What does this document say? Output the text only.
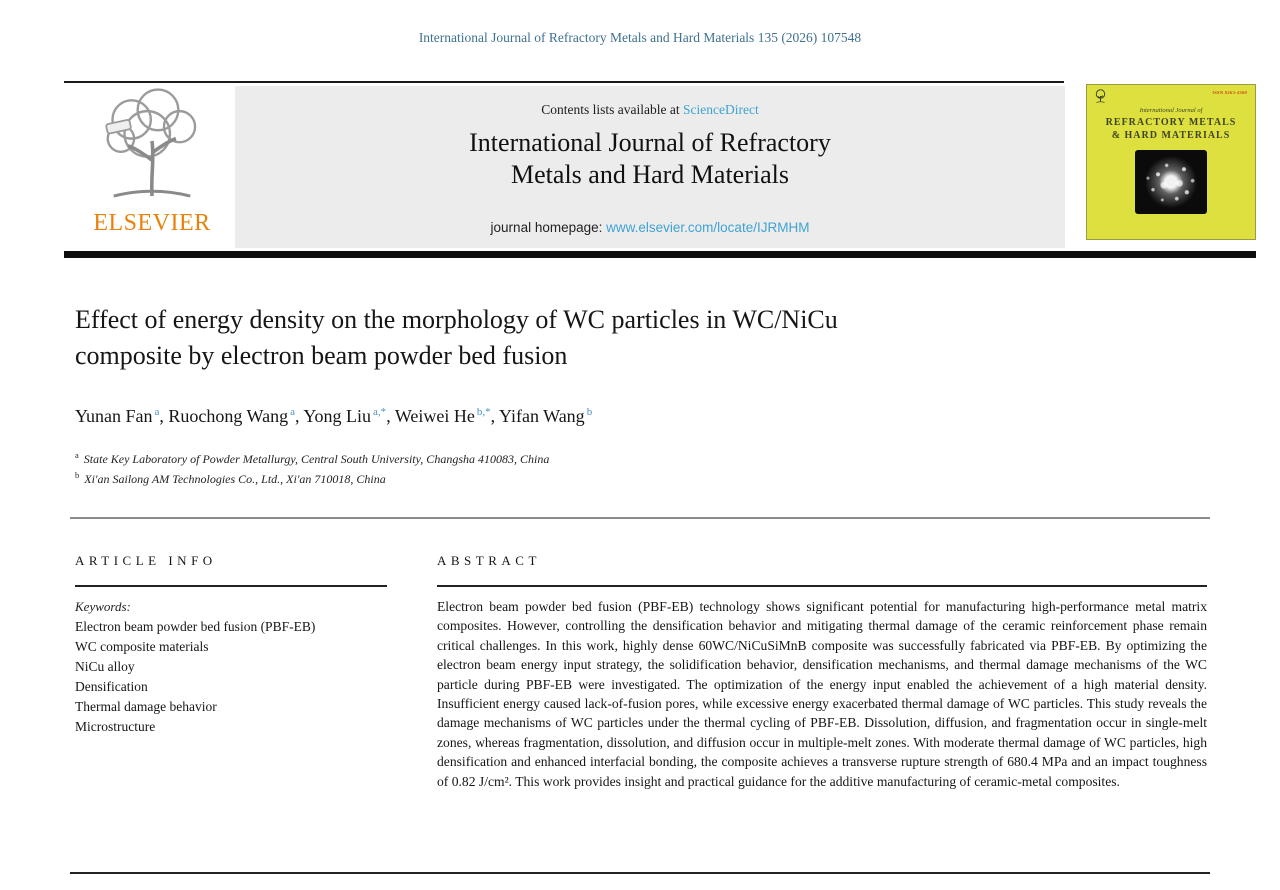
International Journal of Refractory Metals and Hard Materials 135 (2026) 107548
ELSEVIER
Contents lists available at ScienceDirect
International Journal of Refractory
Metals and Hard Materials
journal homepage: www.elsevier.com/locate/IJRMHM
ISSN 0263-4368
International Journal of
REFRACTORY METALS
& HARD MATERIALS
Effect of energy density on the morphology of WC particles in WC/NiCu
composite by electron beam powder bed fusion
Yunan Fan $^a$, Ruochong Wang $^a$, Yong Liu $^{a,*}$, Weiwei He $^{b,*}$, Yifan Wang $^b$
$^a$ State Key Laboratory of Powder Metallurgy, Central South University, Changsha 410083, China
$^b$ Xi'an Sailong AM Technologies Co., Ltd., Xi'an 710018, China
ARTICLE INFO
Keywords:
Electron beam powder bed fusion (PBF-EB)
WC composite materials
NiCu alloy
Densification
Thermal damage behavior
Microstructure
ABSTRACT
Electron beam powder bed fusion (PBF-EB) technology shows significant potential for manufacturing high-performance metal matrix composites. However, controlling the densification behavior and mitigating thermal damage of the ceramic reinforcement phase remain critical challenges. In this work, highly dense 60WC/NiCuSiMnB composite was successfully fabricated via PBF-EB. By optimizing the electron beam energy input strategy, the solidification behavior, densification mechanisms, and thermal damage mechanisms of the WC particle during PBF-EB were investigated. The optimization of the energy input enabled the achievement of a high material density. Insufficient energy caused lack-of-fusion pores, while excessive energy exacerbated thermal damage of WC particles. This study reveals the damage mechanisms of WC particles under the thermal cycling of PBF-EB. Dissolution, diffusion, and fragmentation occur in single-melt zones, whereas fragmentation, dissolution, and diffusion occur in multiple-melt zones. With moderate thermal damage of WC particles, high densification and enhanced interfacial bonding, the composite achieves a transverse rupture strength of 680.4 MPa and an impact toughness of 0.82 J/cm². This work provides insight and practical guidance for the additive manufacturing of ceramic-metal composites.
